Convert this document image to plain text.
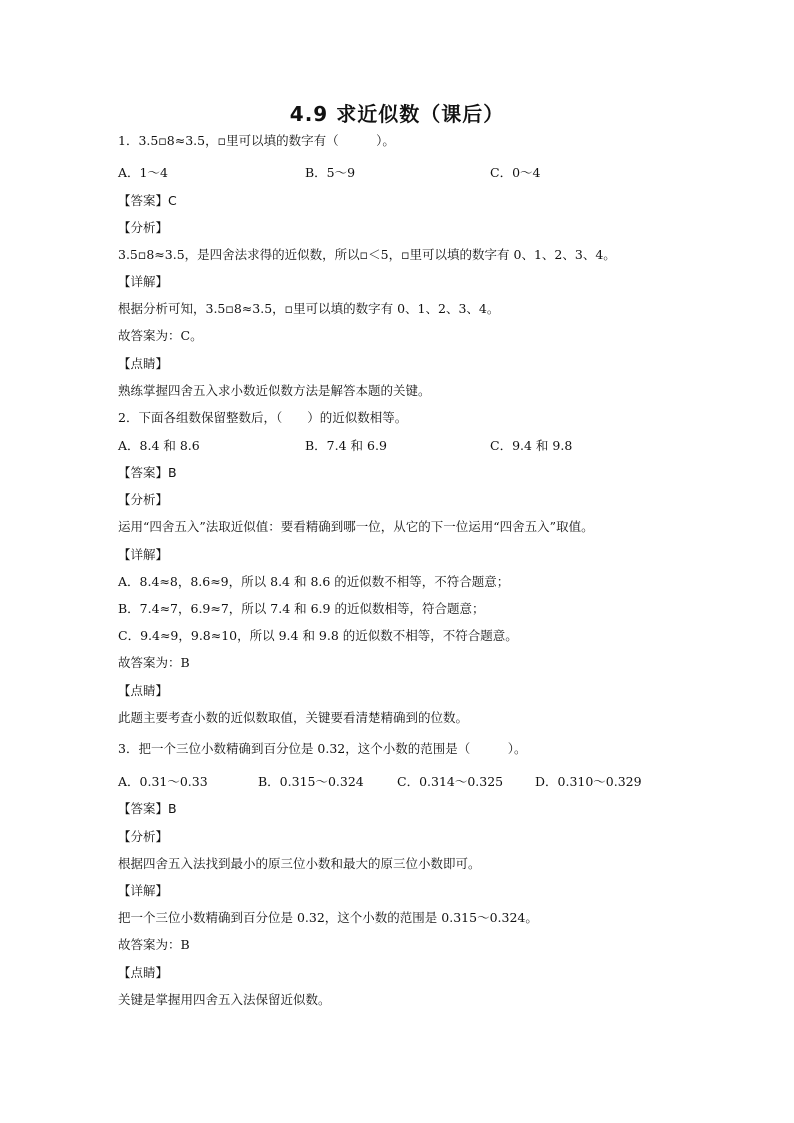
4.9 求近似数（课后）
1．3.5▫8≈3.5，▫里可以填的数字有（　　　）。
A．1～4	B．5～9	C．0～4
【答案】C
【分析】
3.5▫8≈3.5，是四舍法求得的近似数，所以▫＜5，▫里可以填的数字有 0、1、2、3、4。
【详解】
根据分析可知，3.5▫8≈3.5，▫里可以填的数字有 0、1、2、3、4。
故答案为：C。
【点睛】
熟练掌握四舍五入求小数近似数方法是解答本题的关键。
2．下面各组数保留整数后，（　　）的近似数相等。
A．8.4 和 8.6	B．7.4 和 6.9	C．9.4 和 9.8
【答案】B
【分析】
运用“四舍五入”法取近似值：要看精确到哪一位，从它的下一位运用“四舍五入”取值。
【详解】
A．8.4≈8，8.6≈9，所以 8.4 和 8.6 的近似数不相等，不符合题意；
B．7.4≈7，6.9≈7，所以 7.4 和 6.9 的近似数相等，符合题意；
C．9.4≈9，9.8≈10，所以 9.4 和 9.8 的近似数不相等，不符合题意。
故答案为：B
【点睛】
此题主要考查小数的近似数取值，关键要看清楚精确到的位数。
3．把一个三位小数精确到百分位是 0.32，这个小数的范围是（　　　）。
A．0.31～0.33	B．0.315～0.324	C．0.314～0.325	D．0.310～0.329
【答案】B
【分析】
根据四舍五入法找到最小的原三位小数和最大的原三位小数即可。
【详解】
把一个三位小数精确到百分位是 0.32，这个小数的范围是 0.315～0.324。
故答案为：B
【点睛】
关键是掌握用四舍五入法保留近似数。
